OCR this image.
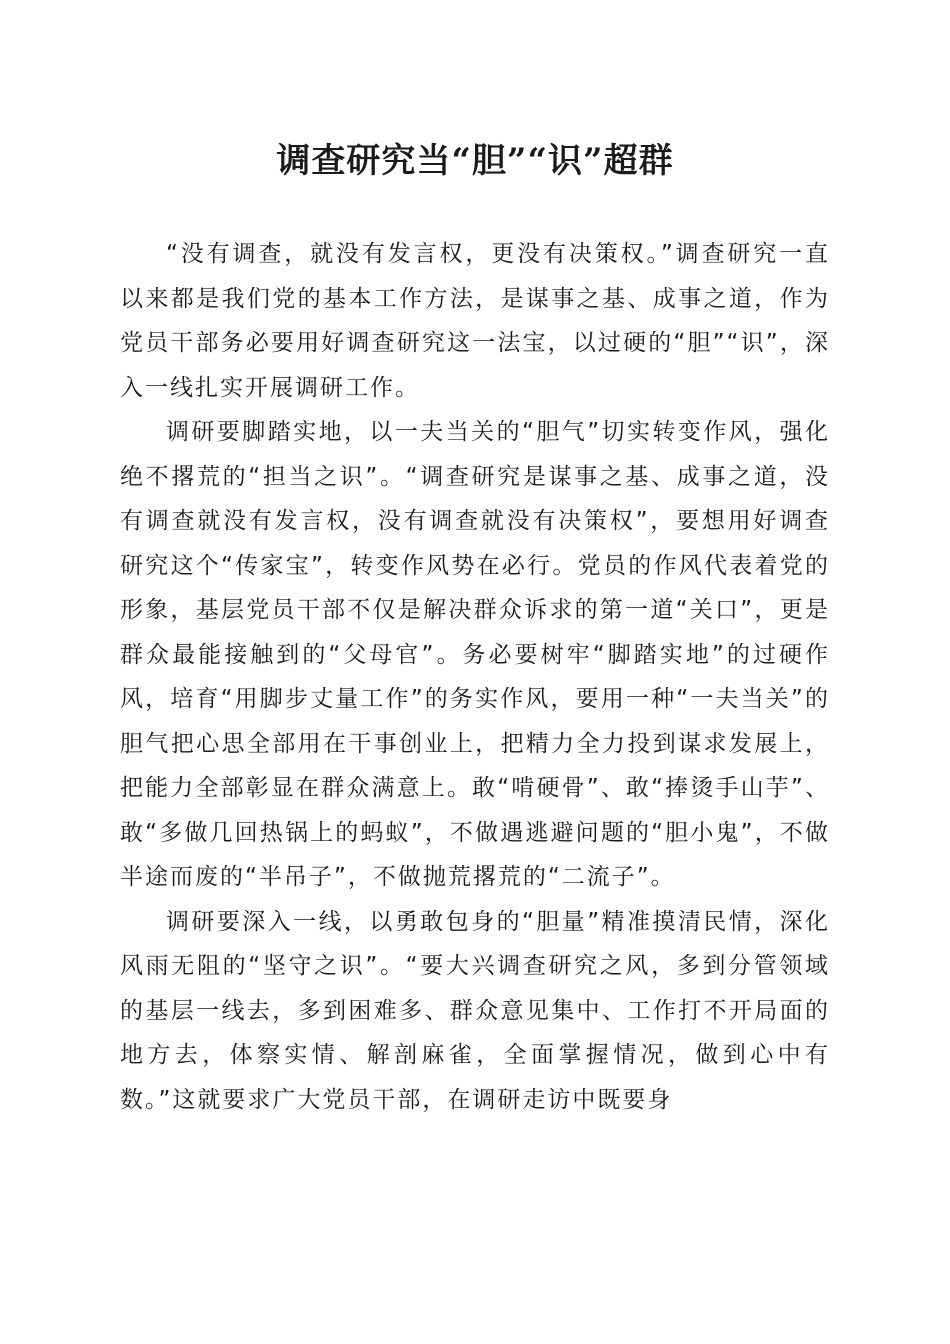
调查研究当“胆”“识”超群

“没有调查，就没有发言权，更没有决策权。”调查研究一直以来都是我们党的基本工作方法，是谋事之基、成事之道，作为党员干部务必要用好调查研究这一法宝，以过硬的“胆”“识”，深入一线扎实开展调研工作。

调研要脚踏实地，以一夫当关的“胆气”切实转变作风，强化绝不撂荒的“担当之识”。“调查研究是谋事之基、成事之道，没有调查就没有发言权，没有调查就没有决策权”，要想用好调查研究这个“传家宝”，转变作风势在必行。党员的作风代表着党的形象，基层党员干部不仅是解决群众诉求的第一道“关口”，更是群众最能接触到的“父母官”。务必要树牢“脚踏实地”的过硬作风，培育“用脚步丈量工作”的务实作风，要用一种“一夫当关”的胆气把心思全部用在干事创业上，把精力全力投到谋求发展上，把能力全部彰显在群众满意上。敢“啃硬骨”、敢“捧烫手山芋”、敢“多做几回热锅上的蚂蚁”，不做遇逃避问题的“胆小鬼”，不做半途而废的“半吊子”，不做抛荒撂荒的“二流子”。

调研要深入一线，以勇敢包身的“胆量”精准摸清民情，深化风雨无阻的“坚守之识”。“要大兴调查研究之风，多到分管领域的基层一线去，多到困难多、群众意见集中、工作打不开局面的地方去，体察实情、解剖麻雀，全面掌握情况，做到心中有数。”这就要求广大党员干部，在调研走访中既要身
